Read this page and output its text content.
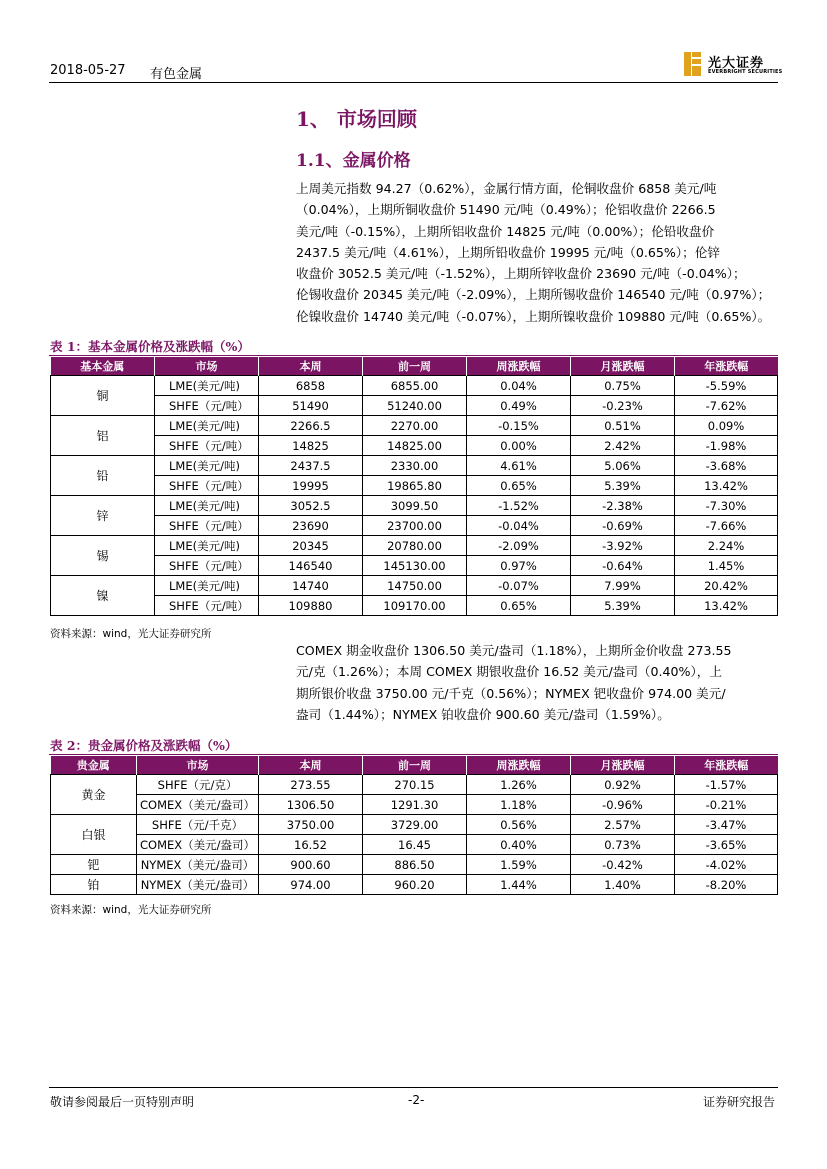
2018-05-27 有色金属
光大证券
EVERBRIGHT SECURITIES
1、 市场回顾
1.1、金属价格

上周美元指数 94.27（0.62%），金属行情方面，伦铜收盘价 6858 美元/吨

（0.04%），上期所铜收盘价 51490 元/吨（0.49%）；伦铝收盘价 2266.5

美元/吨（-0.15%），上期所铝收盘价 14825 元/吨（0.00%）；伦铅收盘价

2437.5 美元/吨（4.61%），上期所铅收盘价 19995 元/吨（0.65%）；伦锌

收盘价 3052.5 美元/吨（-1.52%），上期所锌收盘价 23690 元/吨（-0.04%）；

伦锡收盘价 20345 美元/吨（-2.09%），上期所锡收盘价 146540 元/吨（0.97%）；

伦镍收盘价 14740 美元/吨（-0.07%），上期所镍收盘价 109880 元/吨（0.65%）。

表 1：基本金属价格及涨跌幅（%）
基本金属	市场	本周	前一周	周涨跌幅	月涨跌幅	年涨跌幅
铜	LME(美元/吨)	6858	6855.00	0.04%	0.75%	-5.59%
	SHFE（元/吨）	51490	51240.00	0.49%	-0.23%	-7.62%
铝	LME(美元/吨)	2266.5	2270.00	-0.15%	0.51%	0.09%
	SHFE（元/吨）	14825	14825.00	0.00%	2.42%	-1.98%
铅	LME(美元/吨)	2437.5	2330.00	4.61%	5.06%	-3.68%
	SHFE（元/吨）	19995	19865.80	0.65%	5.39%	13.42%
锌	LME(美元/吨)	3052.5	3099.50	-1.52%	-2.38%	-7.30%
	SHFE（元/吨）	23690	23700.00	-0.04%	-0.69%	-7.66%
锡	LME(美元/吨)	20345	20780.00	-2.09%	-3.92%	2.24%
	SHFE（元/吨）	146540	145130.00	0.97%	-0.64%	1.45%
镍	LME(美元/吨)	14740	14750.00	-0.07%	7.99%	20.42%
	SHFE（元/吨）	109880	109170.00	0.65%	5.39%	13.42%
资料来源：wind，光大证券研究所

COMEX 期金收盘价 1306.50 美元/盎司（1.18%），上期所金价收盘 273.55

元/克（1.26%）；本周 COMEX 期银收盘价 16.52 美元/盎司（0.40%），上

期所银价收盘 3750.00 元/千克（0.56%）；NYMEX 钯收盘价 974.00 美元/

盎司（1.44%）；NYMEX 铂收盘价 900.60 美元/盎司（1.59%）。

表 2：贵金属价格及涨跌幅（%）
贵金属	市场	本周	前一周	周涨跌幅	月涨跌幅	年涨跌幅
黄金	SHFE（元/克）	273.55	270.15	1.26%	0.92%	-1.57%
	COMEX（美元/盎司）	1306.50	1291.30	1.18%	-0.96%	-0.21%
白银	SHFE（元/千克）	3750.00	3729.00	0.56%	2.57%	-3.47%
	COMEX（美元/盎司）	16.52	16.45	0.40%	0.73%	-3.65%
钯	NYMEX（美元/盎司）	900.60	886.50	1.59%	-0.42%	-4.02%
铂	NYMEX（美元/盎司）	974.00	960.20	1.44%	1.40%	-8.20%
资料来源：wind，光大证券研究所
敬请参阅最后一页特别声明	-2-	证券研究报告
